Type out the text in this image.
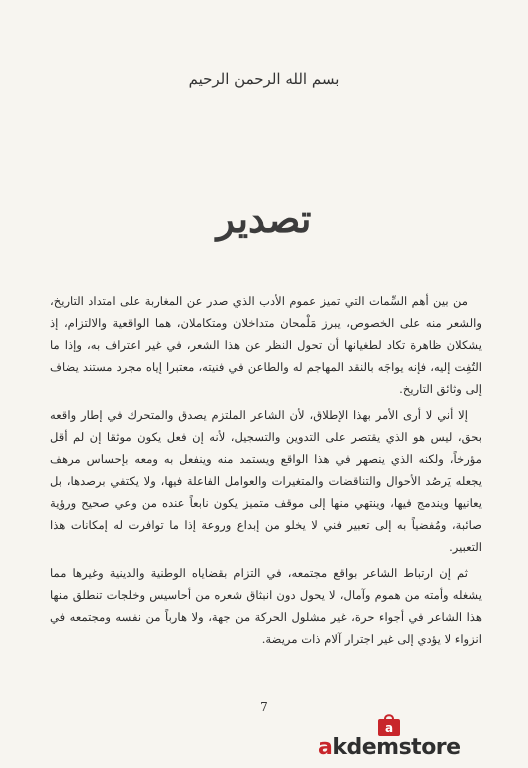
بسم الله الرحمن الرحيم
تصدير

من بين أهم السِّمات التي تميز عموم الأدب الذي صدر عن المغاربة على امتداد التاريخ، والشعر منه على الخصوص، يبرز مَلْمحان متداخلان ومتكاملان، هما الواقعية والالتزام، إذ يشكلان ظاهرة تكاد لطغيانها أن تحول النظر عن هذا الشعر، في غير اعتراف به، وإذا ما التُفِت إليه، فإنه يواجَه بالنقد المهاجم له والطاعن في فنيته، معتبرا إياه مجرد مستند يضاف إلى وثائق التاريخ.

إلا أني لا أرى الأمر بهذا الإطلاق، لأن الشاعر الملتزم يصدق والمتحرك في إطار واقعه بحق، ليس هو الذي يقتصر على التدوين والتسجيل، لأنه إن فعل يكون موثقا إن لم أقل مؤرخاً، ولكنه الذي ينصهر في هذا الواقع ويستمد منه وينفعل به ومعه بإحساس مرهف يجعله يَرصُد الأحوال والتناقضات والمتغيرات والعوامل الفاعلة فيها، ولا يكتفي برصدها، بل يعانيها ويندمج فيها، وينتهي منها إلى موقف متميز يكون نابعاً عنده من وعي صحيح ورؤية صائبة، ومُفضياً به إلى تعبير فني لا يخلو من إبداع وروعة إذا ما توافرت له إمكانات هذا التعبير.

ثم إن ارتباط الشاعر بواقع مجتمعه، في التزام بقضاياه الوطنية والدينية وغيرها مما يشغله وأمته من هموم وآمال، لا يحول دون انبثاق شعره من أحاسيس وخلجات تنطلق منها هذا الشاعر في أجواء حرة، غير مشلول الحركة من جهة، ولا هارباً من نفسه ومجتمعه في انزواء لا يؤدي إلى غير اجترار آلام ذات مريضة.

7
a
akdemstore
